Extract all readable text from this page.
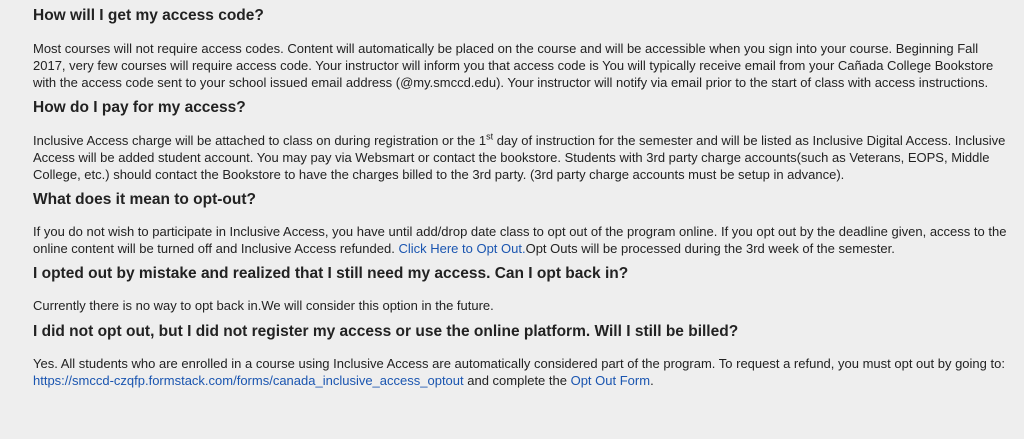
How will I get my access code?

Most courses will not require access codes. Content will automatically be placed on the course and will be accessible when you sign into your course. Beginning Fall 2017, very few courses will require access code. Your instructor will inform you that access code is You will typically receive email from your Cañada College Bookstore with the access code sent to your school issued email address (@my.smccd.edu). Your instructor will notify via email prior to the start of class with access instructions.

How do I pay for my access?

Inclusive Access charge will be attached to class on during registration or the 1st day of instruction for the semester and will be listed as Inclusive Digital Access. Inclusive Access will be added student account. You may pay via Websmart or contact the bookstore. Students with 3rd party charge accounts(such as Veterans, EOPS, Middle College, etc.) should contact the Bookstore to have the charges billed to the 3rd party. (3rd party charge accounts must be setup in advance).

What does it mean to opt-out?

If you do not wish to participate in Inclusive Access, you have until add/drop date class to opt out of the program online. If you opt out by the deadline given, access to the online content will be turned off and Inclusive Access refunded. Click Here to Opt Out.Opt Outs will be processed during the 3rd week of the semester.

I opted out by mistake and realized that I still need my access. Can I opt back in?

Currently there is no way to opt back in.We will consider this option in the future.

I did not opt out, but I did not register my access or use the online platform. Will I still be billed?

Yes. All students who are enrolled in a course using Inclusive Access are automatically considered part of the program. To request a refund, you must opt out by going to: https://smccd-czqfp.formstack.com/forms/canada_inclusive_access_optout and complete the Opt Out Form.
